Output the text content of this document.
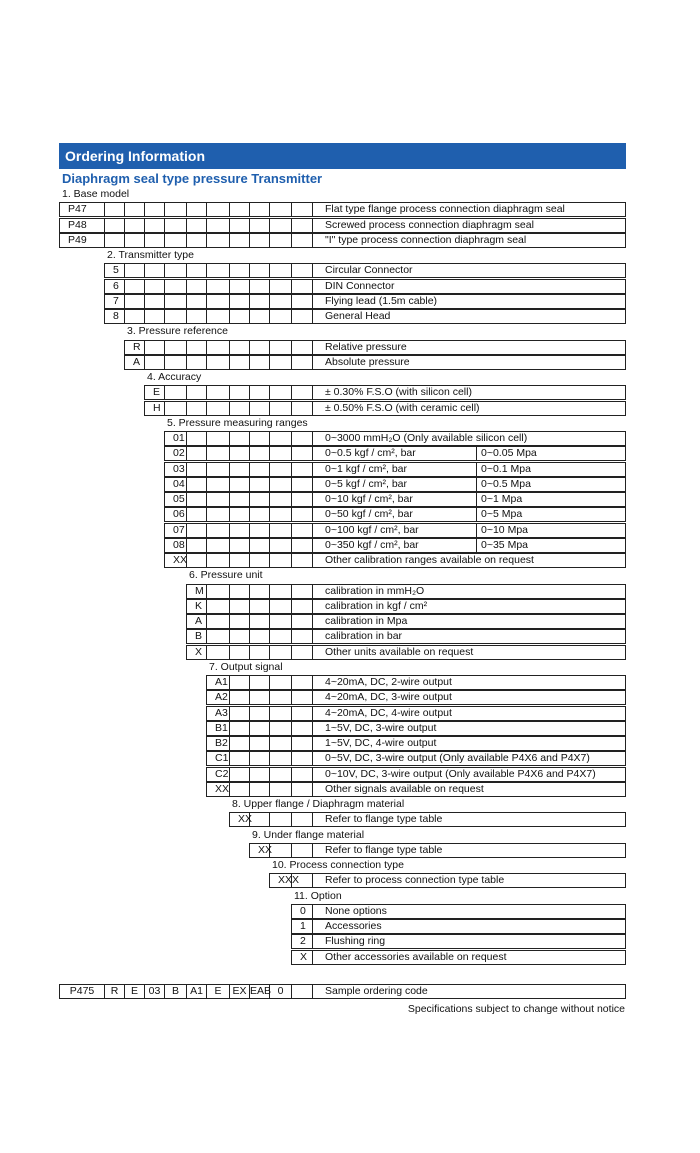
Ordering Information
Diaphragm seal type pressure Transmitter
1. Base model
P47	Flat type flange process connection diaphragm seal
P48	Screwed process connection diaphragm seal
P49	"I" type process connection diaphragm seal
2. Transmitter type
5	Circular Connector
6	DIN Connector
7	Flying lead (1.5m cable)
8	General Head
3. Pressure reference
R	Relative pressure
A	Absolute pressure
4. Accuracy
E	± 0.30% F.S.O (with silicon cell)
H	± 0.50% F.S.O (with ceramic cell)
5. Pressure measuring ranges
01	0~3000 mmH₂O (Only available silicon cell)
02	0~0.5 kgf / cm², bar	0~0.05 Mpa
03	0~1 kgf / cm², bar	0~0.1 Mpa
04	0~5 kgf / cm², bar	0~0.5 Mpa
05	0~10 kgf / cm², bar	0~1 Mpa
06	0~50 kgf / cm², bar	0~5 Mpa
07	0~100 kgf / cm², bar	0~10 Mpa
08	0~350 kgf / cm², bar	0~35 Mpa
XX	Other calibration ranges available on request
6. Pressure unit
M	calibration in mmH₂O
K	calibration in kgf / cm²
A	calibration in Mpa
B	calibration in bar
X	Other units available on request
7. Output signal
A1	4~20mA, DC, 2-wire output
A2	4~20mA, DC, 3-wire output
A3	4~20mA, DC, 4-wire output
B1	1~5V, DC, 3-wire output
B2	1~5V, DC, 4-wire output
C1	0~5V, DC, 3-wire output (Only available P4X6 and P4X7)
C2	0~10V, DC, 3-wire output (Only available P4X6 and P4X7)
XX	Other signals available on request
8. Upper flange / Diaphragm material
XX	Refer to flange type table
9. Under flange material
XX	Refer to flange type table
10. Process connection type
XXX Refer to process connection type table
11. Option
0	None options
1	Accessories
2	Flushing ring
X	Other accessories available on request
P475	R	E	03	B	A1	E	EX EAB 0	Sample ordering code
Specifications subject to change without notice
